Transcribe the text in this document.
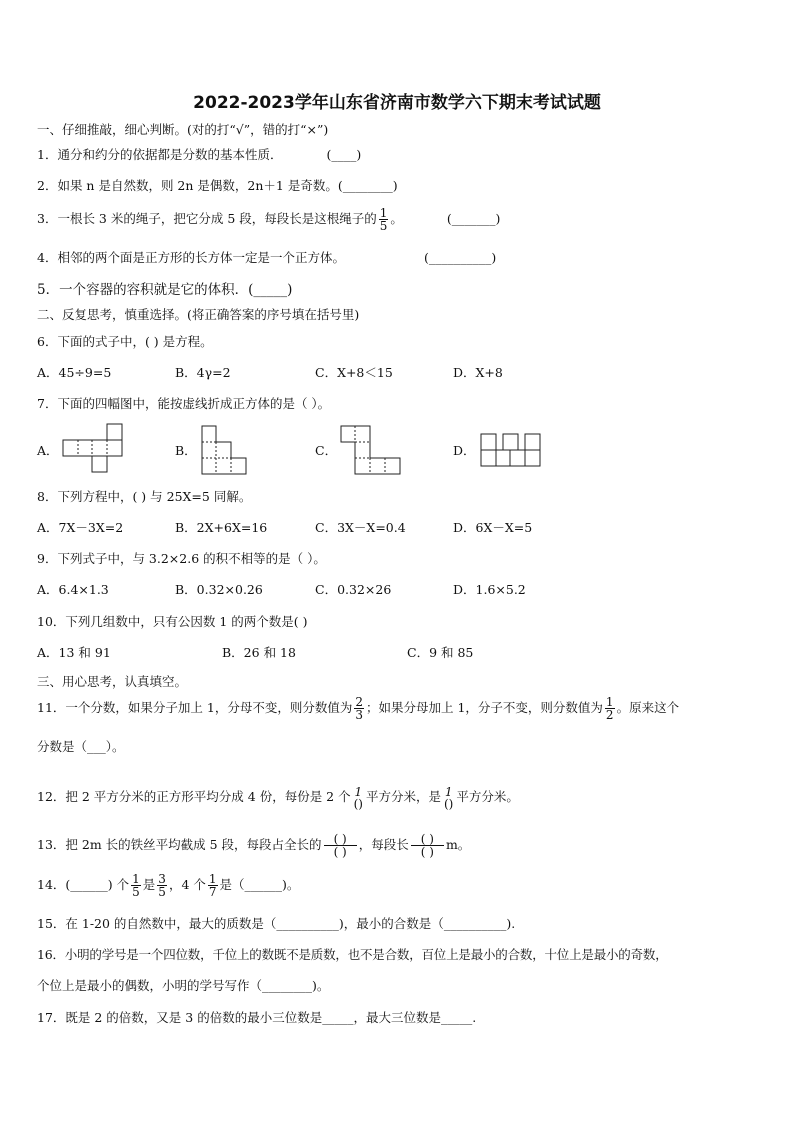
2022-2023学年山东省济南市数学六下期末考试试题
一、仔细推敲，细心判断。(对的打“√”，错的打“×”)
1．通分和约分的依据都是分数的基本性质．	(____)
2．如果 n 是自然数，则 2n 是偶数，2n＋1 是奇数。(________)
3．一根长 3 米的绳子，把它分成 5 段，每段长是这根绳子的 $\frac{1}{5}$ 。	(_______)
4．相邻的两个面是正方形的长方体一定是一个正方体。	(__________)
5．一个容器的容积就是它的体积．(_____)
二、反复思考，慎重选择。(将正确答案的序号填在括号里)
6．下面的式子中，( ) 是方程。
A．45÷9=5	B．4γ=2	C．X+8＜15	D．X+8
7．下面的四幅图中，能按虚线折成正方体的是（ ）。
A．	B．	C．	D．
8．下列方程中，( ) 与 25X=5 同解。
A．7X－3X=2	B．2X+6X=16	C．3X－X=0.4	D．6X－X=5
9．下列式子中，与 3.2×2.6 的积不相等的是（ ）。
A．6.4×1.3	B．0.32×0.26	C．0.32×26	D．1.6×5.2
10．下列几组数中，只有公因数 1 的两个数是( )
A．13 和 91	B．26 和 18	C．9 和 85
三、用心思考，认真填空。
11．一个分数，如果分子加上 1，分母不变，则分数值为 $\frac{2}{3}$ ；如果分母加上 1，分子不变，则分数值为 $\frac{1}{2}$ 。原来这个
分数是（___）。
12．把 2 平方分米的正方形平均分成 4 份，每份是 2 个 1
() 平方分米，是 1
() 平方分米。
13．把 2m 长的铁丝平均截成 5 段，每段占全长的 $\frac{( )}{( )}$ ，每段长 $\frac{( )}{( )}$ m。
14．(______) 个 $\frac{1}{5}$ 是 $\frac{3}{5}$ ，4 个 $\frac{1}{7}$ 是（______)。
15．在 1-20 的自然数中，最大的质数是（__________)，最小的合数是（__________).
16．小明的学号是一个四位数，千位上的数既不是质数，也不是合数，百位上是最小的合数，十位上是最小的奇数，
个位上是最小的偶数，小明的学号写作（________)。
17．既是 2 的倍数，又是 3 的倍数的最小三位数是_____，最大三位数是_____.
